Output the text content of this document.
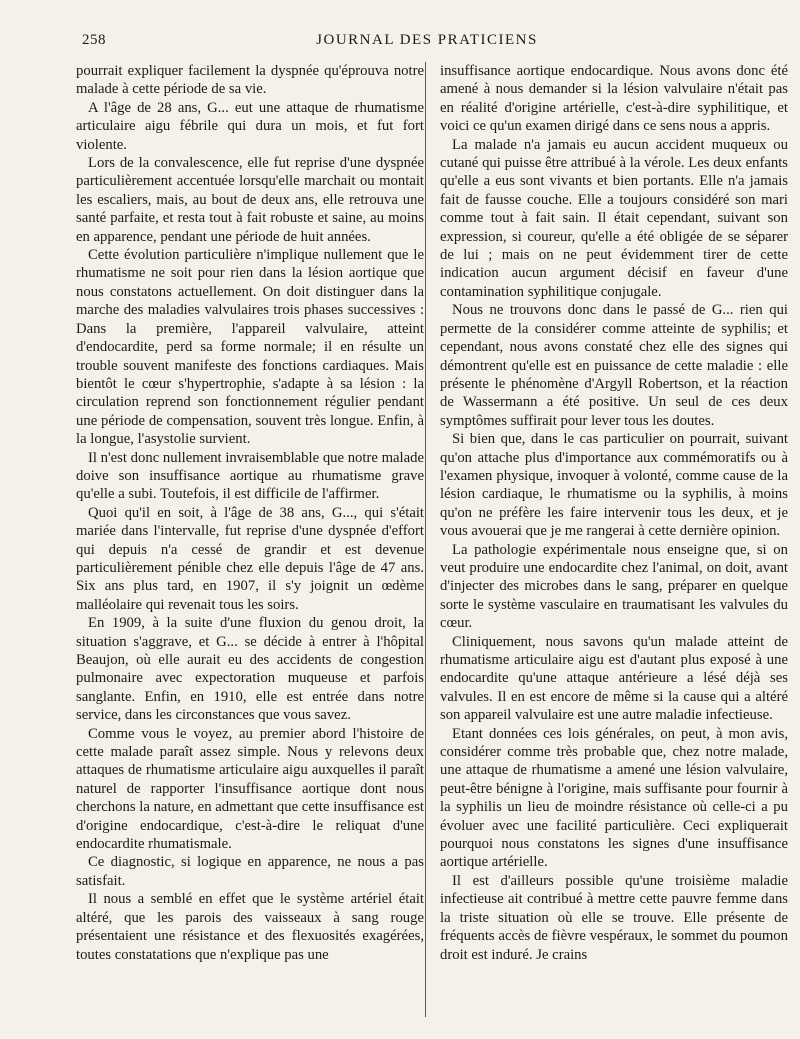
258	JOURNAL DES PRATICIENS

pourrait expliquer facilement la dyspnée qu'éprouva notre malade à cette période de sa vie.

A l'âge de 28 ans, G... eut une attaque de rhumatisme articulaire aigu fébrile qui dura un mois, et fut fort violente.

Lors de la convalescence, elle fut reprise d'une dyspnée particulièrement accentuée lorsqu'elle marchait ou montait les escaliers, mais, au bout de deux ans, elle retrouva une santé parfaite, et resta tout à fait robuste et saine, au moins en apparence, pendant une période de huit années.

Cette évolution particulière n'implique nullement que le rhumatisme ne soit pour rien dans la lésion aortique que nous constatons actuellement. On doit distinguer dans la marche des maladies valvulaires trois phases successives : Dans la première, l'appareil valvulaire, atteint d'endocardite, perd sa forme normale; il en résulte un trouble souvent manifeste des fonctions cardiaques. Mais bientôt le cœur s'hypertrophie, s'adapte à sa lésion : la circulation reprend son fonctionnement régulier pendant une période de compensation, souvent très longue. Enfin, à la longue, l'asystolie survient.

Il n'est donc nullement invraisemblable que notre malade doive son insuffisance aortique au rhumatisme grave qu'elle a subi. Toutefois, il est difficile de l'affirmer.

Quoi qu'il en soit, à l'âge de 38 ans, G..., qui s'était mariée dans l'intervalle, fut reprise d'une dyspnée d'effort qui depuis n'a cessé de grandir et est devenue particulièrement pénible chez elle depuis l'âge de 47 ans. Six ans plus tard, en 1907, il s'y joignit un œdème malléolaire qui revenait tous les soirs.

En 1909, à la suite d'une fluxion du genou droit, la situation s'aggrave, et G... se décide à entrer à l'hôpital Beaujon, où elle aurait eu des accidents de congestion pulmonaire avec expectoration muqueuse et parfois sanglante. Enfin, en 1910, elle est entrée dans notre service, dans les circonstances que vous savez.

Comme vous le voyez, au premier abord l'histoire de cette malade paraît assez simple. Nous y relevons deux attaques de rhumatisme articulaire aigu auxquelles il paraît naturel de rapporter l'insuffisance aortique dont nous cherchons la nature, en admettant que cette insuffisance est d'origine endocardique, c'est-à-dire le reliquat d'une endocardite rhumatismale.

Ce diagnostic, si logique en apparence, ne nous a pas satisfait.

Il nous a semblé en effet que le système artériel était altéré, que les parois des vaisseaux à sang rouge présentaient une résistance et des flexuosités exagérées, toutes constatations que n'explique pas une

insuffisance aortique endocardique. Nous avons donc été amené à nous demander si la lésion valvulaire n'était pas en réalité d'origine artérielle, c'est-à-dire syphilitique, et voici ce qu'un examen dirigé dans ce sens nous a appris.

La malade n'a jamais eu aucun accident muqueux ou cutané qui puisse être attribué à la vérole. Les deux enfants qu'elle a eus sont vivants et bien portants. Elle n'a jamais fait de fausse couche. Elle a toujours considéré son mari comme tout à fait sain. Il était cependant, suivant son expression, si coureur, qu'elle a été obligée de se séparer de lui ; mais on ne peut évidemment tirer de cette indication aucun argument décisif en faveur d'une contamination syphilitique conjugale.

Nous ne trouvons donc dans le passé de G... rien qui permette de la considérer comme atteinte de syphilis; et cependant, nous avons constaté chez elle des signes qui démontrent qu'elle est en puissance de cette maladie : elle présente le phénomène d'Argyll Robertson, et la réaction de Wassermann a été positive. Un seul de ces deux symptômes suffirait pour lever tous les doutes.

Si bien que, dans le cas particulier on pourrait, suivant qu'on attache plus d'importance aux commémoratifs ou à l'examen physique, invoquer à volonté, comme cause de la lésion cardiaque, le rhumatisme ou la syphilis, à moins qu'on ne préfère les faire intervenir tous les deux, et je vous avouerai que je me rangerai à cette dernière opinion.

La pathologie expérimentale nous enseigne que, si on veut produire une endocardite chez l'animal, on doit, avant d'injecter des microbes dans le sang, préparer en quelque sorte le système vasculaire en traumatisant les valvules du cœur.

Cliniquement, nous savons qu'un malade atteint de rhumatisme articulaire aigu est d'autant plus exposé à une endocardite qu'une attaque antérieure a lésé déjà ses valvules. Il en est encore de même si la cause qui a altéré son appareil valvulaire est une autre maladie infectieuse.

Etant données ces lois générales, on peut, à mon avis, considérer comme très probable que, chez notre malade, une attaque de rhumatisme a amené une lésion valvulaire, peut-être bénigne à l'origine, mais suffisante pour fournir à la syphilis un lieu de moindre résistance où celle-ci a pu évoluer avec une facilité particulière. Ceci expliquerait pourquoi nous constatons les signes d'une insuffisance aortique artérielle.

Il est d'ailleurs possible qu'une troisième maladie infectieuse ait contribué à mettre cette pauvre femme dans la triste situation où elle se trouve. Elle présente de fréquents accès de fièvre vespéraux, le sommet du poumon droit est induré. Je crains
